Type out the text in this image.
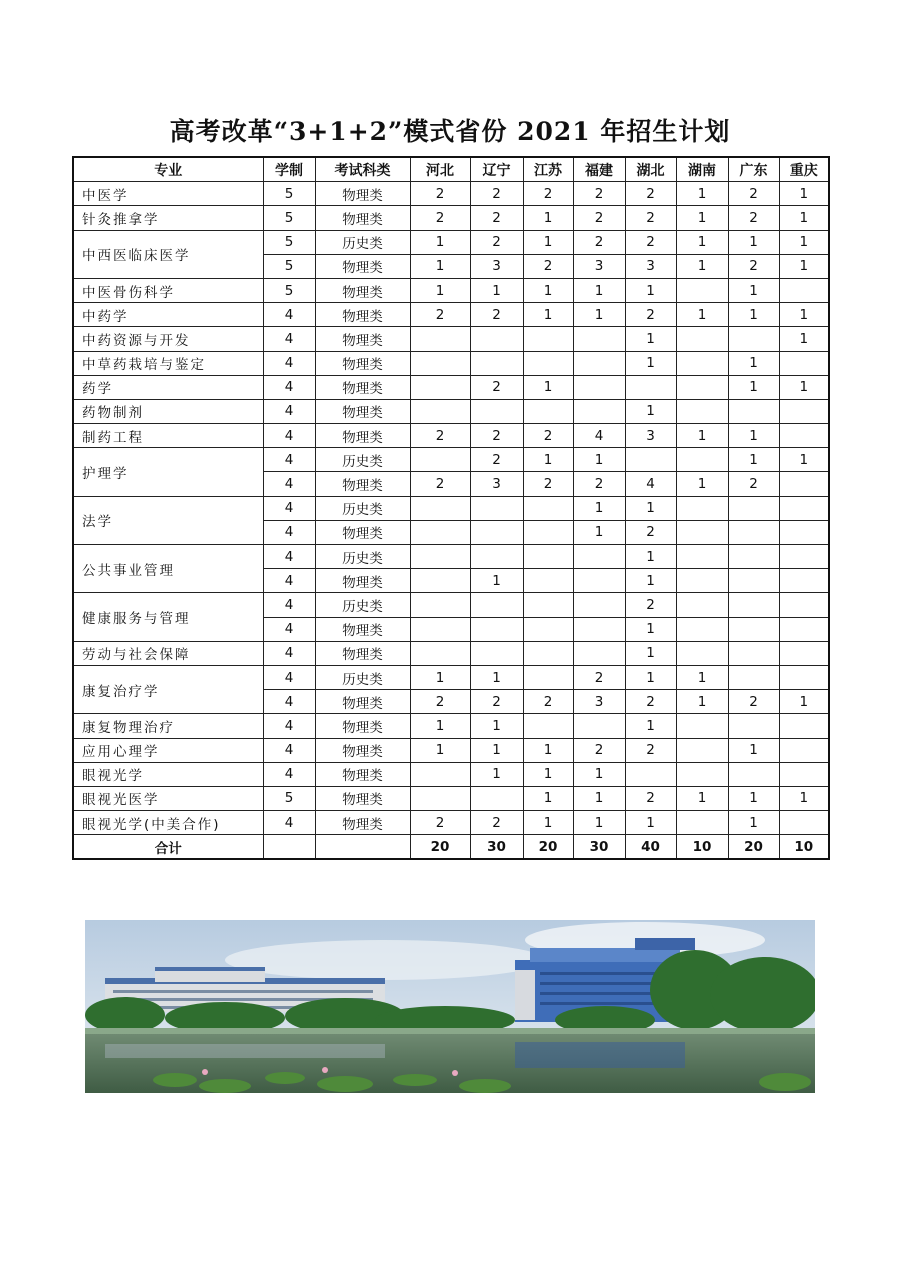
高考改革“3+1+2”模式省份 2021 年招生计划
专业	学制	考试科类	河北	辽宁	江苏	福建	湖北	湖南	广东	重庆
中医学	5	物理类	2	2	2	2	2	1	2	1
针灸推拿学	5	物理类	2	2	1	2	2	1	2	1
中西医临床医学	5	历史类	1	2	1	2	2	1	1	1
	5	物理类	1	3	2	3	3	1	2	1
中医骨伤科学	5	物理类	1	1	1	1	1		1	
中药学	4	物理类	2	2	1	1	2	1	1	1
中药资源与开发	4	物理类					1			1
中草药栽培与鉴定	4	物理类					1		1	
药学	4	物理类		2	1				1	1
药物制剂	4	物理类					1			
制药工程	4	物理类	2	2	2	4	3	1	1	
护理学	4	历史类		2	1	1			1	1
	4	物理类	2	3	2	2	4	1	2	
法学	4	历史类				1	1			
	4	物理类				1	2			
公共事业管理	4	历史类					1			
	4	物理类		1			1			
健康服务与管理	4	历史类					2			
	4	物理类					1			
劳动与社会保障	4	物理类					1			
康复治疗学	4	历史类	1	1		2	1	1		
	4	物理类	2	2	2	3	2	1	2	1
康复物理治疗	4	物理类	1	1			1			
应用心理学	4	物理类	1	1	1	2	2		1	
眼视光学	4	物理类		1	1	1				
眼视光医学	5	物理类			1	1	2	1	1	1
眼视光学(中美合作)	4	物理类	2	2	1	1	1		1	
合计			20	30	20	30	40	10	20	10
